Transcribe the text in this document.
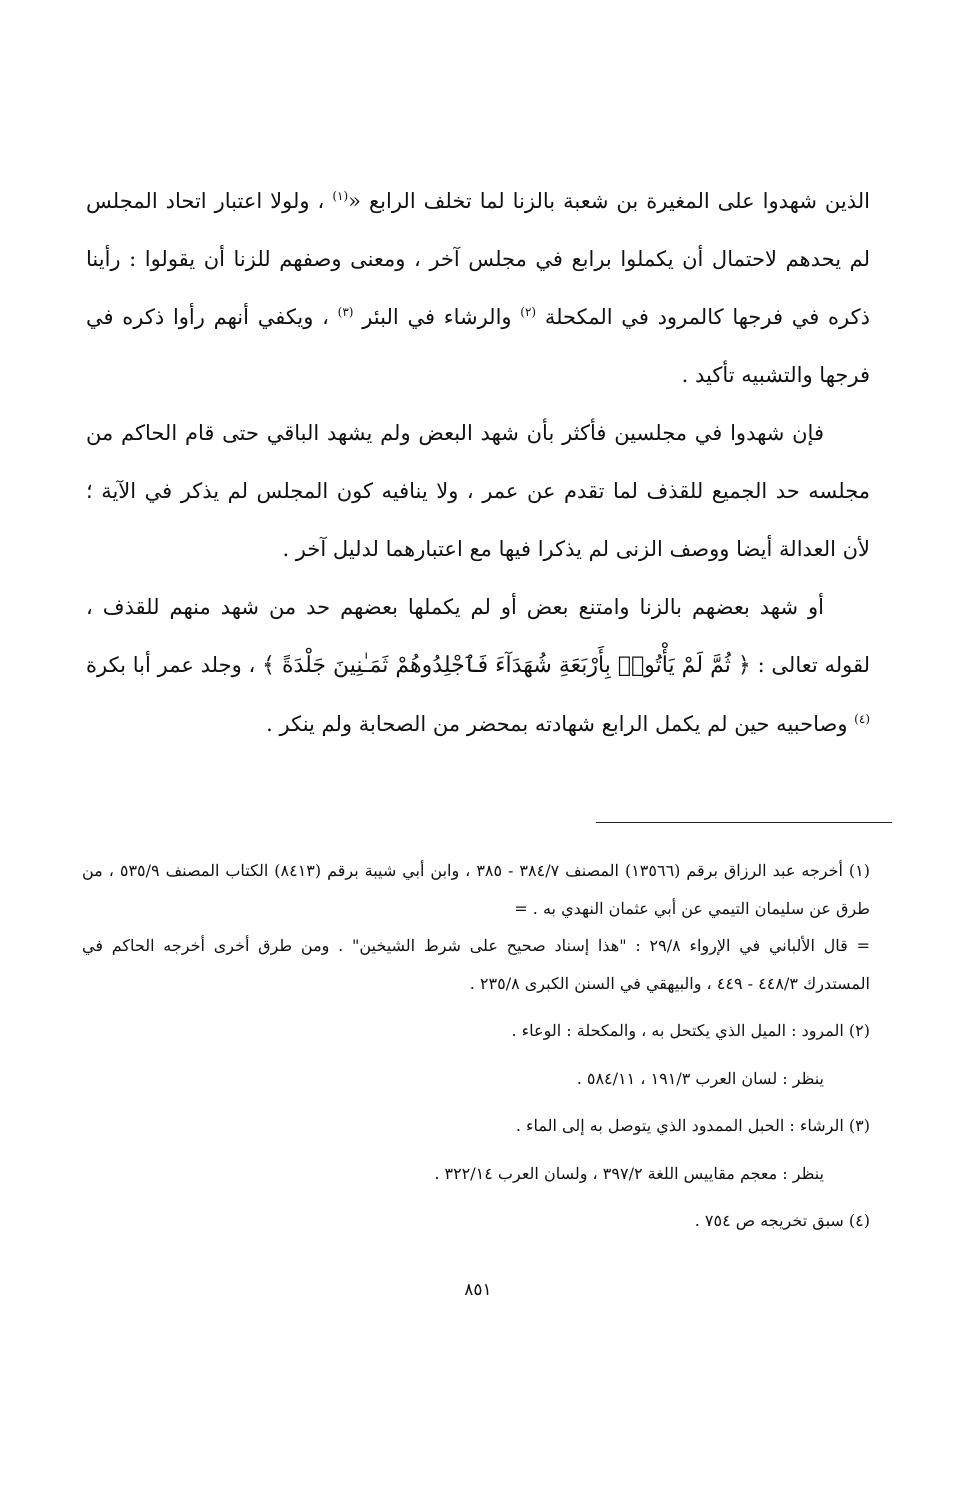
الذين شهدوا على المغيرة بن شعبة بالزنا لما تخلف الرابع «$^{(١)}$ ، ولولا اعتبار اتحاد المجلس لم يحدهم لاحتمال أن يكملوا برابع في مجلس آخر ، ومعنى وصفهم للزنا أن يقولوا : رأينا ذكره في فرجها كالمرود في المكحلة $^{(٢)}$ والرشاء في البئر $^{(٣)}$ ، ويكفي أنهم رأوا ذكره في فرجها والتشبيه تأكيد .

فإن شهدوا في مجلسين فأكثر بأن شهد البعض ولم يشهد الباقي حتى قام الحاكم من مجلسه حد الجميع للقذف لما تقدم عن عمر ، ولا ينافيه كون المجلس لم يذكر في الآية ؛ لأن العدالة أيضا ووصف الزنى لم يذكرا فيها مع اعتبارهما لدليل آخر .

أو شهد بعضهم بالزنا وامتنع بعض أو لم يكملها بعضهم حد من شهد منهم للقذف ، لقوله تعالى : ﴿ ثُمَّ لَمْ يَأْتُوا۟ بِأَرْبَعَةِ شُهَدَآءَ فَٱجْلِدُوهُمْ ثَمَـٰنِينَ جَلْدَةً ﴾ ، وجلد عمر أبا بكرة $^{(٤)}$ وصاحبيه حين لم يكمل الرابع شهادته بمحضر من الصحابة ولم ينكر .

(١) أخرجه عبد الرزاق برقم (١٣٥٦٦) المصنف ٣٨٤/٧ - ٣٨٥ ، وابن أبي شيبة برقم (٨٤١٣) الكتاب المصنف ٥٣٥/٩ ، من طرق عن سليمان التيمي عن أبي عثمان النهدي به . =

= قال الألباني في الإرواء ٢٩/٨ : "هذا إسناد صحيح على شرط الشيخين" . ومن طرق أخرى أخرجه الحاكم في المستدرك ٤٤٨/٣ - ٤٤٩ ، والبيهقي في السنن الكبرى ٢٣٥/٨ .

(٢) المرود : الميل الذي يكتحل به ، والمكحلة : الوعاء .

ينظر : لسان العرب ١٩١/٣ ، ٥٨٤/١١ .

(٣) الرشاء : الحبل الممدود الذي يتوصل به إلى الماء .

ينظر : معجم مقاييس اللغة ٣٩٧/٢ ، ولسان العرب ٣٢٢/١٤ .

(٤) سبق تخريجه ص ٧٥٤ .

٨٥١
